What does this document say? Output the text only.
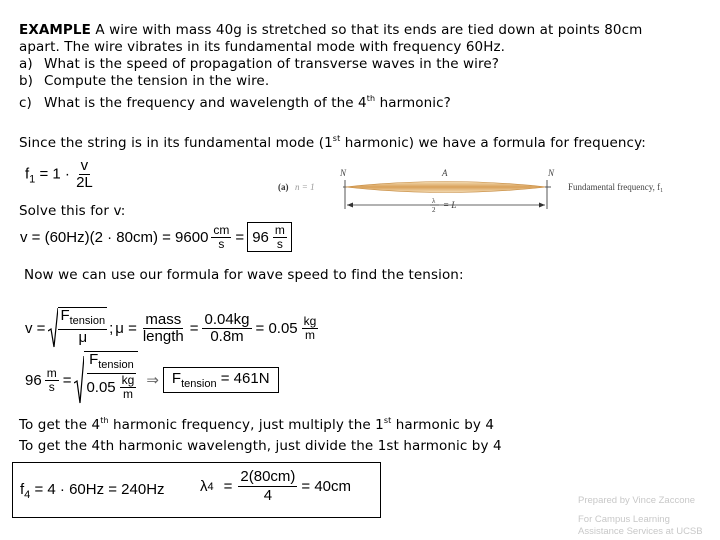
EXAMPLE A wire with mass 40g is stretched so that its ends are tied down at points 80cm
apart. The wire vibrates in its fundamental mode with frequency 60Hz.
a) What is the speed of propagation of transverse waves in the wire?
b) Compute the tension in the wire.
c) What is the frequency and wavelength of the 4th harmonic?
Since the string is in its fundamental mode (1st harmonic) we have a formula for frequency:
$f_1 = 1 \cdot \frac{v}{2L}$	(a) n = 1
N	A	N
λ
2 = L
Fundamental frequency, $f_1$
Solve this for v:
$v = (60Hz)(2 \cdot 80cm) = 9600 \frac{cm}{s} = 96 \frac{m}{s}$
Now we can use our formula for wave speed to find the tension:
$v = \frac{F_{tension}}{\mu}$ ; $\mu = \frac{\text{mass}}{\text{length}} = \frac{0.04kg}{0.8m} = 0.05 \frac{kg}{m}$
$96 \frac{m}{s} = \frac{F_{tension}}{0.05 \frac{kg}{m}}$ ⇒ $F_{tension} = 461N$
To get the 4th harmonic frequency, just multiply the 1st harmonic by 4
To get the 4th harmonic wavelength, just divide the 1st harmonic by 4
$f_4 = 4 \cdot 60Hz = 240Hz$ λ $4 = \frac{2(80cm)}{4} = 40cm$
Prepared by Vince Zaccone
For Campus Learning
Assistance Services at UCSB
